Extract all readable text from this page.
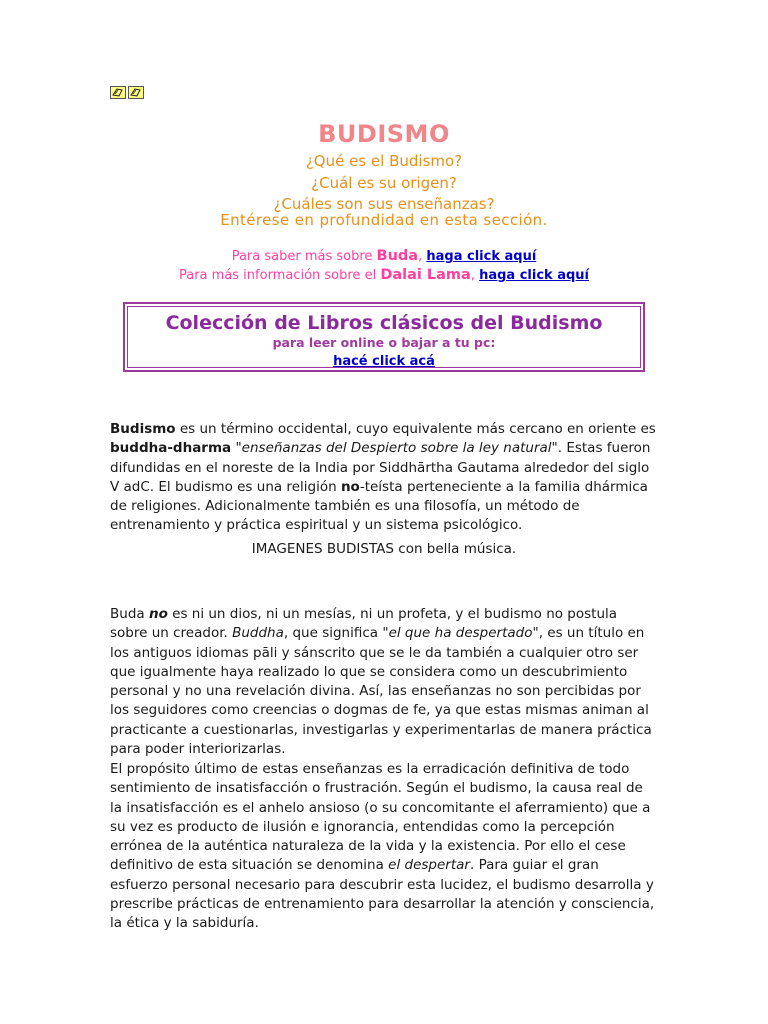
BUDISMO
¿Qué es el Budismo?
¿Cuál es su origen?
¿Cuáles son sus enseñanzas?
Entérese en profundidad en esta sección.
Para saber más sobre Buda, haga click aquí
Para más información sobre el Dalai Lama, haga click aquí
Colección de Libros clásicos del Budismo
para leer online o bajar a tu pc:
hacé click acá
Budismo es un término occidental, cuyo equivalente más cercano en oriente es buddha-dharma "enseñanzas del Despierto sobre la ley natural". Estas fueron difundidas en el noreste de la India por Siddhārtha Gautama alrededor del siglo V adC. El budismo es una religión no-teísta perteneciente a la familia dhármica de religiones. Adicionalmente también es una filosofía, un método de entrenamiento y práctica espiritual y un sistema psicológico.
IMAGENES BUDISTAS con bella música.
Buda no es ni un dios, ni un mesías, ni un profeta, y el budismo no postula sobre un creador. Buddha, que significa "el que ha despertado", es un título en los antiguos idiomas pāli y sánscrito que se le da también a cualquier otro ser que igualmente haya realizado lo que se considera como un descubrimiento personal y no una revelación divina. Así, las enseñanzas no son percibidas por los seguidores como creencias o dogmas de fe, ya que estas mismas animan al practicante a cuestionarlas, investigarlas y experimentarlas de manera práctica para poder interiorizarlas.
El propósito último de estas enseñanzas es la erradicación definitiva de todo sentimiento de insatisfacción o frustración. Según el budismo, la causa real de la insatisfacción es el anhelo ansioso (o su concomitante el aferramiento) que a su vez es producto de ilusión e ignorancia, entendidas como la percepción errónea de la auténtica naturaleza de la vida y la existencia. Por ello el cese definitivo de esta situación se denomina el despertar. Para guiar el gran esfuerzo personal necesario para descubrir esta lucidez, el budismo desarrolla y prescribe prácticas de entrenamiento para desarrollar la atención y consciencia, la ética y la sabiduría.
